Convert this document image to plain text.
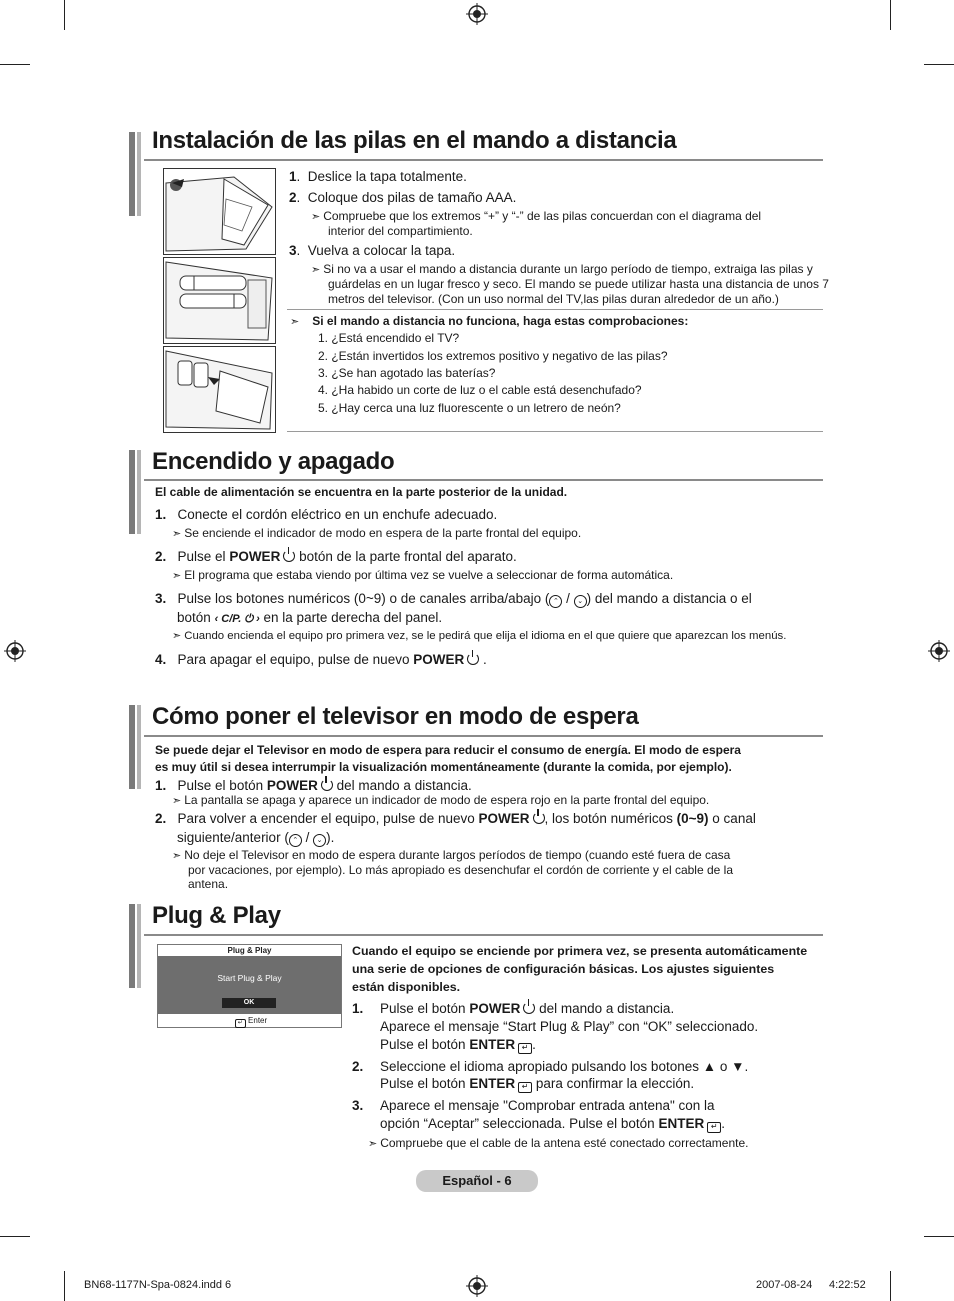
Instalación de las pilas en el mando a distancia
1.  Deslice la tapa totalmente.
2.  Coloque dos pilas de tamaño AAA.
➣ Compruebe que los extremos “+” y “-” de las pilas concuerdan con el diagrama del
interior del compartimiento.
3.  Vuelva a colocar la tapa.
➣ Si no va a usar el mando a distancia durante un largo período de tiempo, extraiga las pilas y
guárdelas en un lugar fresco y seco. El mando se puede utilizar hasta una distancia de unos 7
metros del televisor. (Con un uso normal del TV,las pilas duran alrededor de un año.)
➣ Si el mando a distancia no funciona, haga estas comprobaciones:
1. ¿Está encendido el TV?
2. ¿Están invertidos los extremos positivo y negativo de las pilas?
3. ¿Se han agotado las baterías?
4. ¿Ha habido un corte de luz o el cable está desenchufado?
5. ¿Hay cerca una luz fluorescente o un letrero de neón?
Encendido y apagado
El cable de alimentación se encuentra en la parte posterior de la unidad.
1. Conecte el cordón eléctrico en un enchufe adecuado.
➣ Se enciende el indicador de modo en espera de la parte frontal del equipo.
2. Pulse el POWER botón de la parte frontal del aparato.
➣ El programa que estaba viendo por última vez se vuelve a seleccionar de forma automática.
3. Pulse los botones numéricos (0~9) o de canales arriba/abajo ( ⌃ / ⌄ ) del mando a distancia o el
botón ‹ C/P. ⏻ › en la parte derecha del panel.
➣ Cuando encienda el equipo pro primera vez, se le pedirá que elija el idioma en el que quiere que aparezcan los menús.
4. Para apagar el equipo, pulse de nuevo POWER .
Cómo poner el televisor en modo de espera
Se puede dejar el Televisor en modo de espera para reducir el consumo de energía. El modo de espera
es muy útil si desea interrumpir la visualización momentáneamente (durante la comida, por ejemplo).
1. Pulse el botón POWER del mando a distancia.
➣ La pantalla se apaga y aparece un indicador de modo de espera rojo en la parte frontal del equipo.
2. Para volver a encender el equipo, pulse de nuevo POWER , los botón numéricos (0~9) o canal
siguiente/anterior ( ⌃ / ⌄ ).
➣ No deje el Televisor en modo de espera durante largos períodos de tiempo (cuando esté fuera de casa
por vacaciones, por ejemplo). Lo más apropiado es desenchufar el cordón de corriente y el cable de la
antena.
Plug & Play
Plug & Play
Start Plug & Play
OK
↵ Enter
Cuando el equipo se enciende por primera vez, se presenta automáticamente
una serie de opciones de configuración básicas. Los ajustes siguientes
están disponibles.
1. Pulse el botón POWER del mando a distancia.
Aparece el mensaje “Start Plug & Play” con “OK” seleccionado.
Pulse el botón ENTER ↵ .
2. Seleccione el idioma apropiado pulsando los botones ▲ o ▼.
Pulse el botón ENTER ↵ para confirmar la elección.
3. Aparece el mensaje "Comprobar entrada antena" con la
opción “Aceptar” seleccionada. Pulse el botón ENTER ↵ .
➣ Compruebe que el cable de la antena esté conectado correctamente.
Español - 6
BN68-1177N-Spa-0824.indd 6	2007-08-24 4:22:52
